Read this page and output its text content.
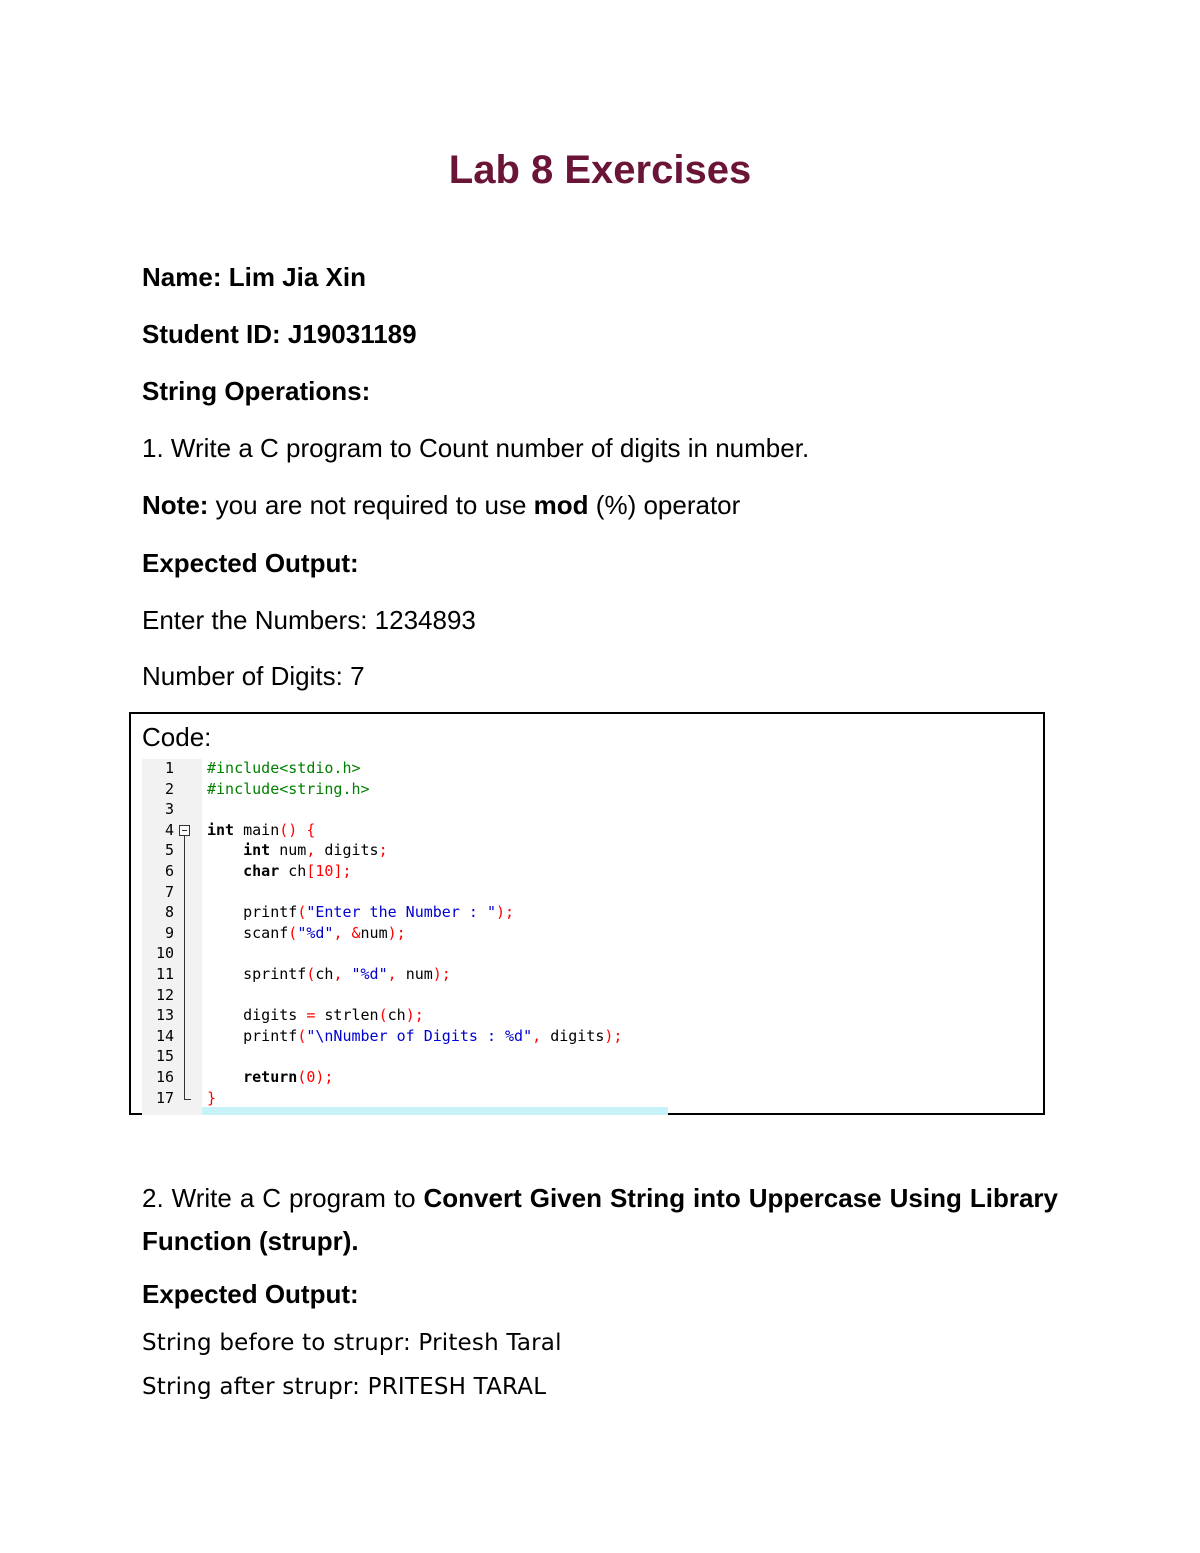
Lab 8 Exercises
Name: Lim Jia Xin
Student ID: J19031189
String Operations:
1. Write a C program to Count number of digits in number.
Note: you are not required to use mod (%) operator
Expected Output:
Enter the Numbers: 1234893
Number of Digits: 7
Code:
1 #include<stdio.h>
2 #include<string.h>
3
4 int main() {
5	int num, digits;
6	char ch[10];
7
8 printf("Enter the Number : ");
9 scanf("%d", &num);
10
11 sprintf(ch, "%d", num);
12
13 digits = strlen(ch);
14 printf("\nNumber of Digits : %d", digits);
15
16	return(0);
17 }
2. Write a C program to Convert Given String into Uppercase Using Library Function (strupr).
Expected Output:
String before to strupr: Pritesh Taral
String after strupr: PRITESH TARAL
